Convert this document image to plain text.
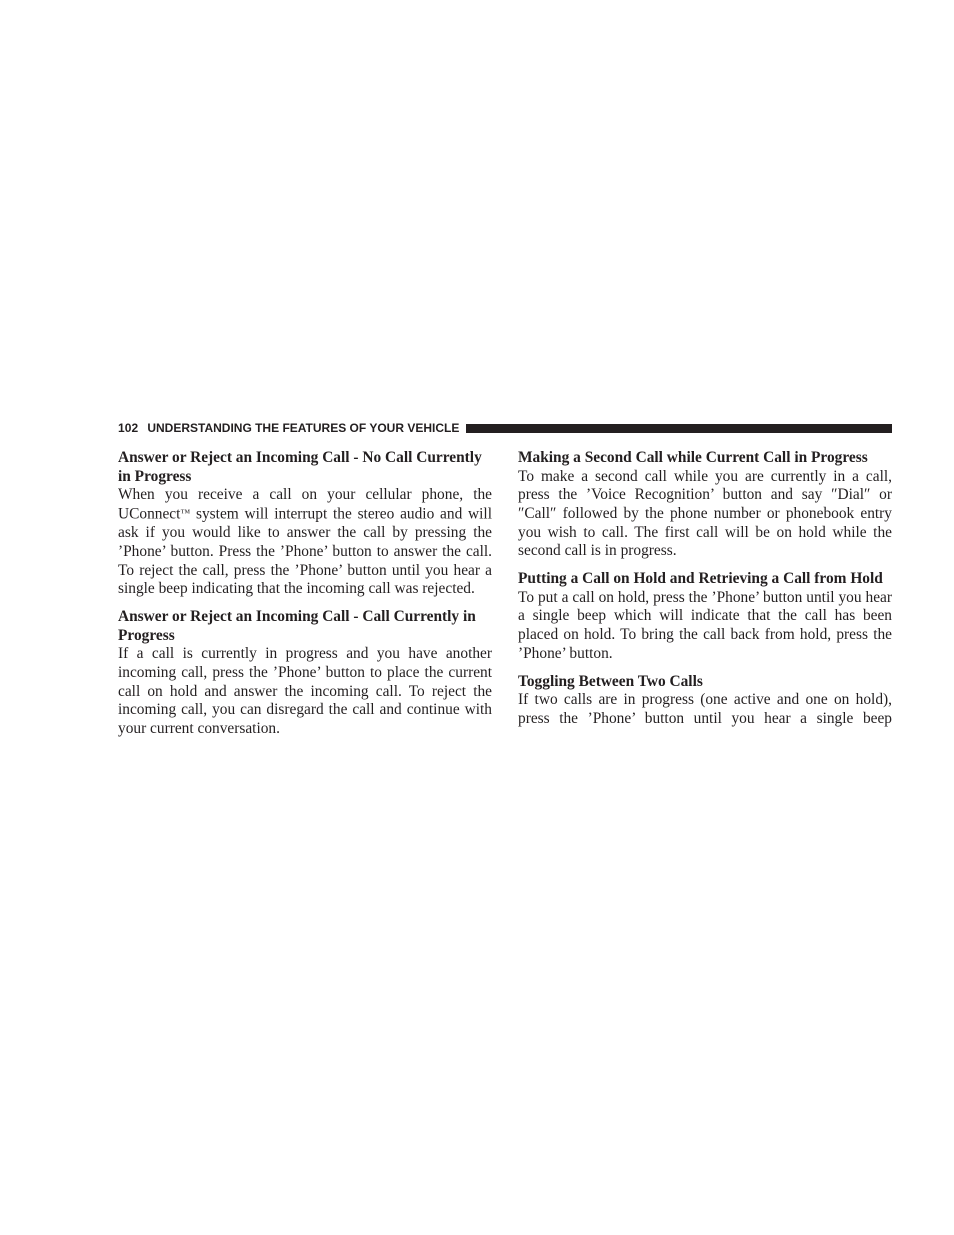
102 UNDERSTANDING THE FEATURES OF YOUR VEHICLE

Answer or Reject an Incoming Call - No Call Currently in Progress

When you receive a call on your cellular phone, the UConnect™ system will interrupt the stereo audio and will ask if you would like to answer the call by pressing the ’Phone’ button. Press the ’Phone’ button to answer the call. To reject the call, press the ’Phone’ button until you hear a single beep indicating that the incoming call was rejected.

Answer or Reject an Incoming Call - Call Currently in Progress

If a call is currently in progress and you have another incoming call, press the ’Phone’ button to place the current call on hold and answer the incoming call. To reject the incoming call, you can disregard the call and continue with your current conversation.

Making a Second Call while Current Call in Progress

To make a second call while you are currently in a call, press the ’Voice Recognition’ button and say ″Dial″ or ″Call″ followed by the phone number or phonebook entry you wish to call. The first call will be on hold while the second call is in progress.

Putting a Call on Hold and Retrieving a Call from Hold

To put a call on hold, press the ’Phone’ button until you hear a single beep which will indicate that the call has been placed on hold. To bring the call back from hold, press the ’Phone’ button.

Toggling Between Two Calls

If two calls are in progress (one active and one on hold), press the ’Phone’ button until you hear a single beep
